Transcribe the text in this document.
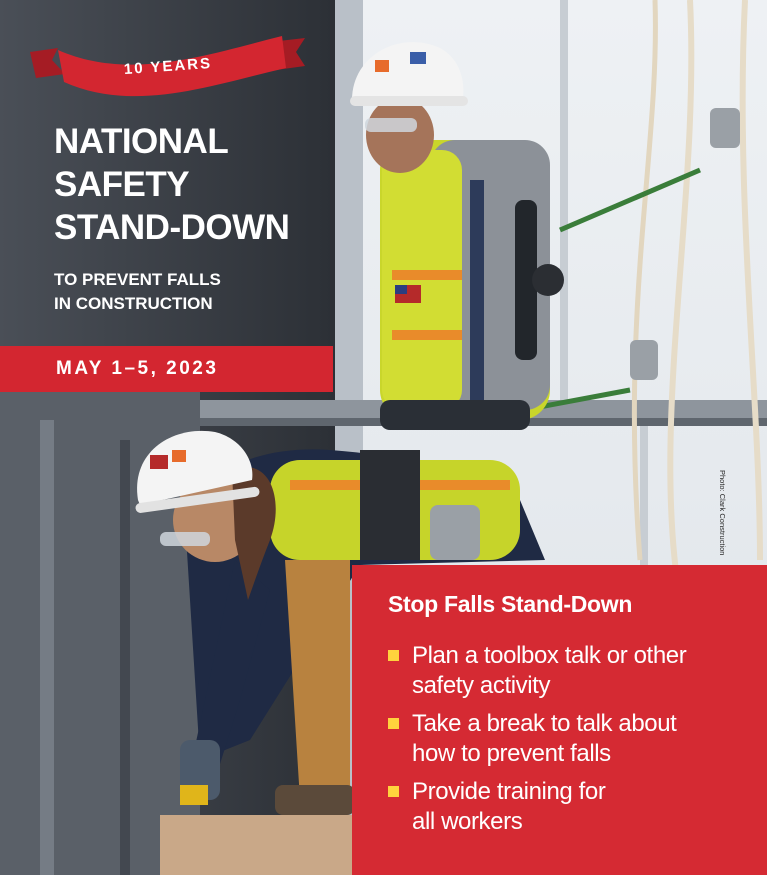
10 YEARS
NATIONAL
SAFETY
STAND-DOWN
TO PREVENT FALLS
IN CONSTRUCTION
MAY 1–5, 2023
Photo: Clark Construction
Stop Falls Stand-Down
Plan a toolbox talk or other
safety activity
Take a break to talk about
how to prevent falls
Provide training for
all workers
